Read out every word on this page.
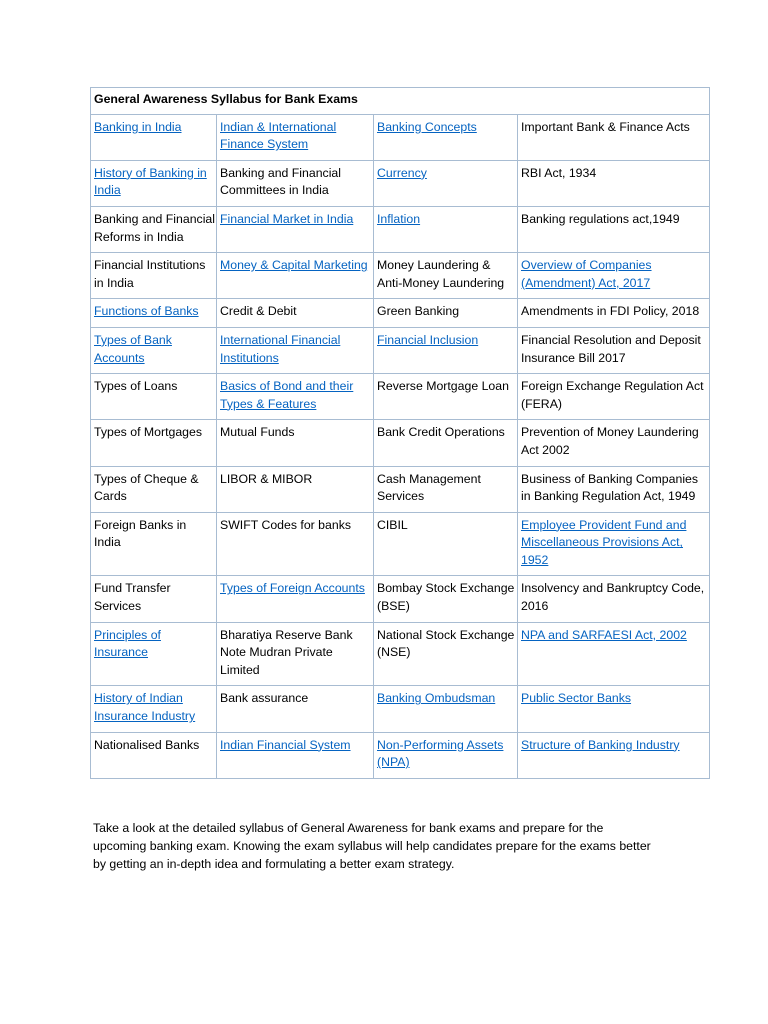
General Awareness Syllabus for Bank Exams			
Banking in India	Indian & International Finance System	Banking Concepts	Important Bank & Finance Acts
History of Banking in India	Banking and Financial Committees in India	Currency	RBI Act, 1934
Banking and Financial Reforms in India	Financial Market in India	Inflation	Banking regulations act,1949
Financial Institutions in India	Money & Capital Marketing	Money Laundering & Anti-Money Laundering	Overview of Companies (Amendment) Act, 2017
Functions of Banks	Credit & Debit	Green Banking	Amendments in FDI Policy, 2018
Types of Bank Accounts	International Financial Institutions	Financial Inclusion	Financial Resolution and Deposit Insurance Bill 2017
Types of Loans	Basics of Bond and their Types & Features	Reverse Mortgage Loan	Foreign Exchange Regulation Act (FERA)
Types of Mortgages	Mutual Funds	Bank Credit Operations	Prevention of Money Laundering Act 2002
Types of Cheque & Cards	LIBOR & MIBOR	Cash Management Services	Business of Banking Companies in Banking Regulation Act, 1949
Foreign Banks in India	SWIFT Codes for banks	CIBIL	Employee Provident Fund and Miscellaneous Provisions Act, 1952
Fund Transfer Services	Types of Foreign Accounts	Bombay Stock Exchange (BSE)	Insolvency and Bankruptcy Code, 2016
Principles of Insurance	Bharatiya Reserve Bank Note Mudran Private Limited	National Stock Exchange (NSE)	NPA and SARFAESI Act, 2002
History of Indian Insurance Industry	Bank assurance	Banking Ombudsman	Public Sector Banks
Nationalised Banks	Indian Financial System	Non-Performing Assets (NPA)	Structure of Banking Industry

Take a look at the detailed syllabus of General Awareness for bank exams and prepare for the upcoming banking exam. Knowing the exam syllabus will help candidates prepare for the exams better by getting an in-depth idea and formulating a better exam strategy.
